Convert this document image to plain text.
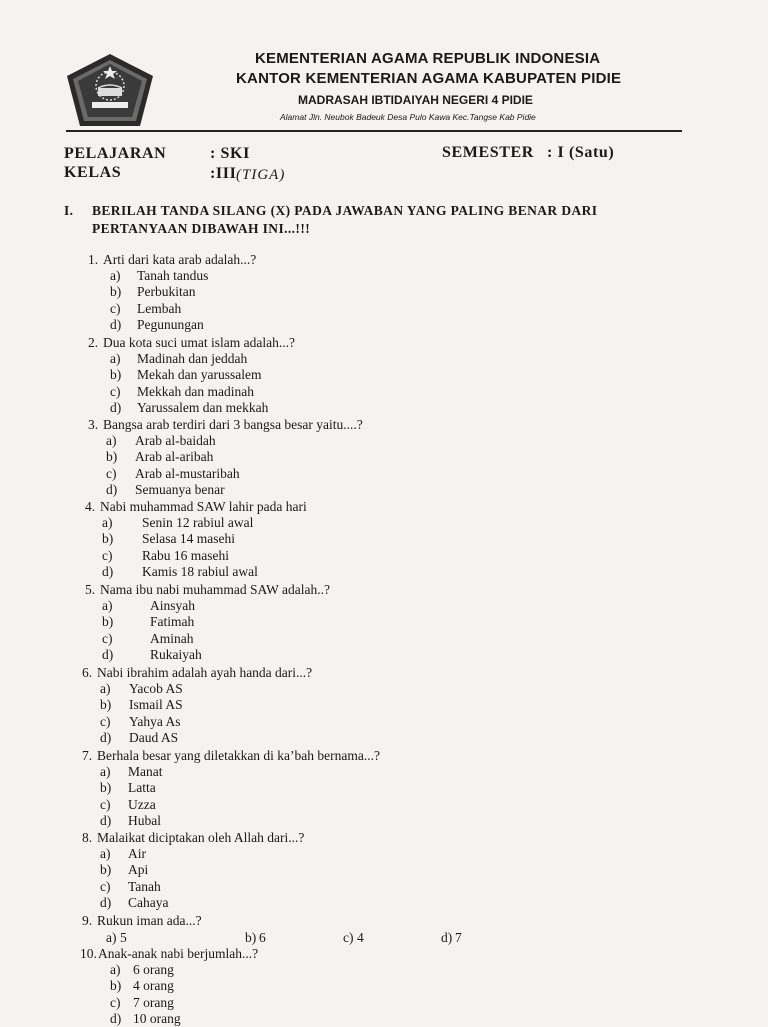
KEMENTERIAN AGAMA REPUBLIK INDONESIA
KANTOR KEMENTERIAN AGAMA KABUPATEN PIDIE
MADRASAH IBTIDAIYAH NEGERI 4 PIDIE
Alamat Jln. Neubok Badeuk Desa Pulo Kawa Kec.Tangse Kab Pidie
PELAJARAN	: SKI	SEMESTER : I (Satu)
KELAS	:III (TIGA)
I. BERILAH TANDA SILANG (X) PADA JAWABAN YANG PALING BENAR DARI
PERTANYAAN DIBAWAH INI...!!!
1. Arti dari kata arab adalah...?
a) Tanah tandus
b) Perbukitan
c) Lembah
d) Pegunungan
2. Dua kota suci umat islam adalah...?
a) Madinah dan jeddah
b) Mekah dan yarussalem
c) Mekkah dan madinah
d) Yarussalem dan mekkah
3. Bangsa arab terdiri dari 3 bangsa besar yaitu....?
a) Arab al-baidah
b) Arab al-aribah
c) Arab al-mustaribah
d) Semuanya benar
4. Nabi muhammad SAW lahir pada hari
a) Senin 12 rabiul awal
b) Selasa 14 masehi
c) Rabu 16 masehi
d) Kamis 18 rabiul awal
5. Nama ibu nabi muhammad SAW adalah..?
a)	Ainsyah
b)	Fatimah
c)	Aminah
d)	Rukaiyah
6. Nabi ibrahim adalah ayah handa dari...?
a) Yacob AS
b) Ismail AS
c) Yahya As
d) Daud AS
7. Berhala besar yang diletakkan di ka’bah bernama...?
a) Manat
b) Latta
c) Uzza
d) Hubal
8. Malaikat diciptakan oleh Allah dari...?
a) Air
b) Api
c) Tanah
d) Cahaya
9. Rukun iman ada...?
a) 5	b) 6	c) 4	d) 7
10. Anak-anak nabi berjumlah...?
a) 6 orang
b) 4 orang
c) 7 orang
d) 10 orang
